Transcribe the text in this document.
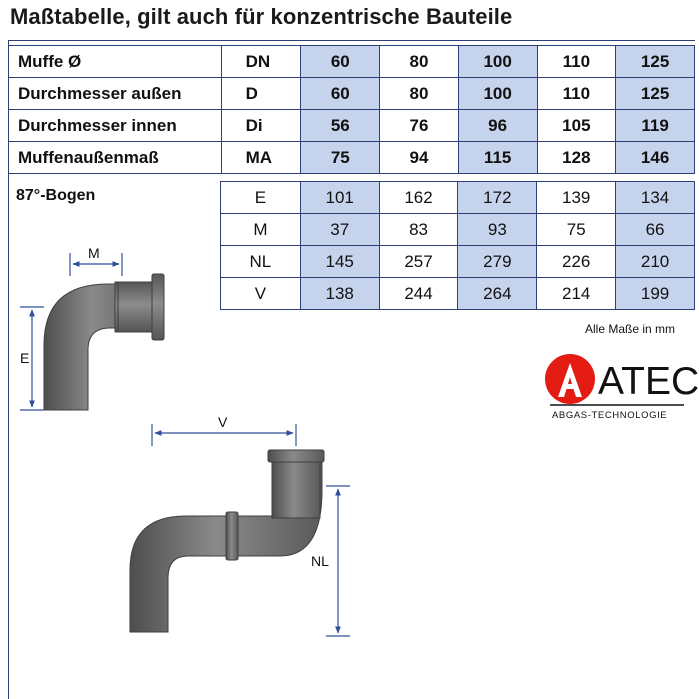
Maßtabelle, gilt auch für konzentrische Bauteile
Muffe Ø	DN	60	80	100	110	125
Durchmesser außen	D	60	80	100	110	125
Durchmesser innen	Di	56	76	96	105	119
Muffenaußenmaß	MA	75	94	115	128	146
87°-Bogen	E	101	162	172	139	134
M	37	83	93	75	66
NL	145	257	279	226	210
V	138	244	264	214	199
Alle Maße in mm
ATEC
ABGAS-TECHNOLOGIE
M
E
V
NL
